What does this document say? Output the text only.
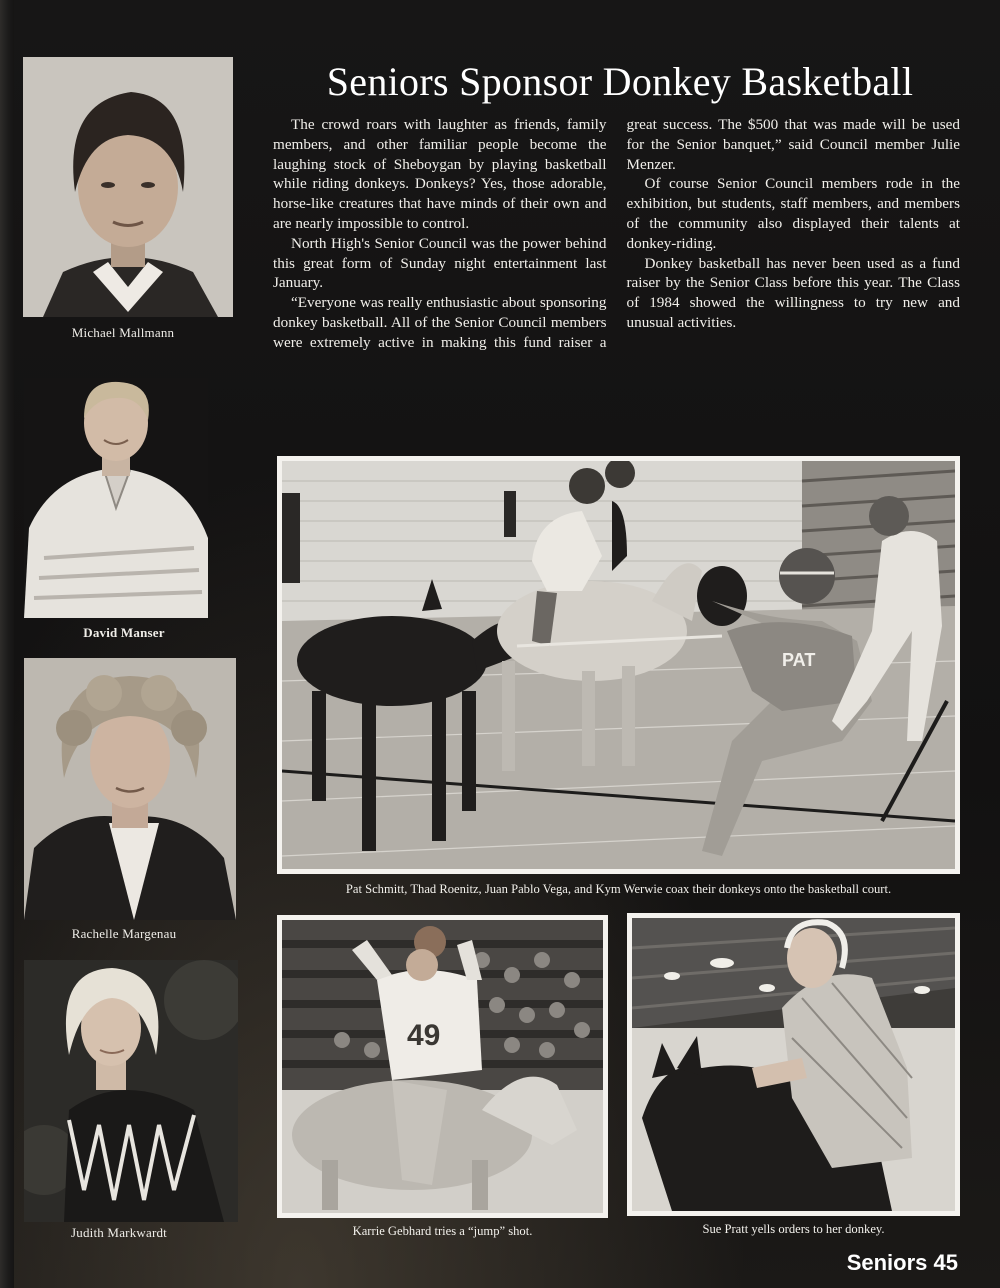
Michael Mallmann
David Manser
Rachelle Margenau
Judith Markwardt
Seniors Sponsor Donkey Basketball

The crowd roars with laughter as friends, family members, and other familiar people become the laughing stock of Sheboygan by playing basketball while riding donkeys. Donkeys? Yes, those adorable, horse-like creatures that have minds of their own and are nearly impossible to control.

North High's Senior Council was the power behind this great form of Sunday night entertainment last January.

“Everyone was really enthusiastic about sponsoring donkey basketball. All of the Senior Council members were extremely active in making this fund raiser a great success. The $500 that was made will be used for the Senior banquet,” said Council member Julie Menzer.

Of course Senior Council members rode in the exhibition, but students, staff members, and members of the community also displayed their talents at donkey-riding.

Donkey basketball has never been used as a fund raiser by the Senior Class before this year. The Class of 1984 showed the willingness to try new and unusual activities.

PAT
Pat Schmitt, Thad Roenitz, Juan Pablo Vega, and Kym Werwie coax their donkeys onto the basketball court.
49
Karrie Gebhard tries a “jump” shot.	Sue Pratt yells orders to her donkey.
Seniors 45
